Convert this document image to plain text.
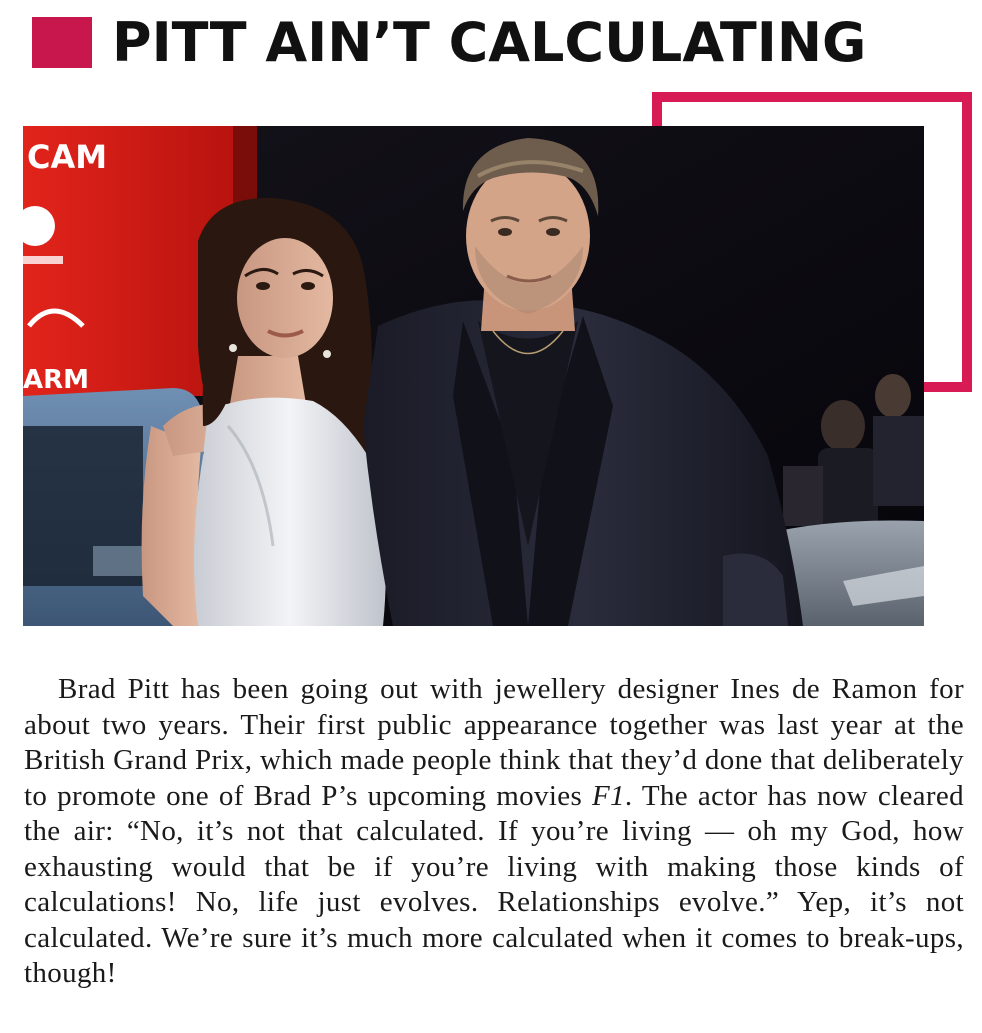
PITT AIN’T CALCULATING
CAM
ARM

Brad Pitt has been going out with jewellery designer Ines de Ramon for about two years. Their first public appearance together was last year at the British Grand Prix, which made people think that they’d done that deliberately to promote one of Brad P’s upcoming movies F1. The actor has now cleared the air: “No, it’s not that calculated. If you’re living — oh my God, how exhausting would that be if you’re living with making those kinds of calculations! No, life just evolves. Relationships evolve.” Yep, it’s not calculated. We’re sure it’s much more calculated when it comes to break-ups, though!
